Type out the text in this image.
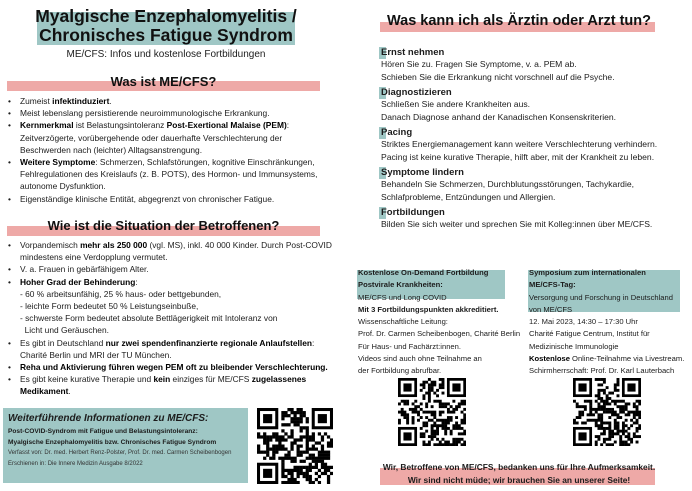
Myalgische Enzephalomyelitis /
Chronisches Fatigue Syndrom
ME/CFS: Infos und kostenlose Fortbildungen
Was ist ME/CFS?
• Zumeist infektinduziert.
• Meist lebenslang persistierende neuroimmunologische Erkrankung.
• Kernmerkmal ist Belastungsintoleranz Post-Exertional Malaise (PEM): Zeitverzögerte, vorübergehende oder dauerhafte Verschlechterung der Beschwerden nach (leichter) Alltagsanstrengung.
• Weitere Symptome: Schmerzen, Schlafstörungen, kognitive Einschränkungen, Fehlregulationen des Kreislaufs (z. B. POTS), des Hormon- und Immunsystems, autonome Dysfunktion.
• Eigenständige klinische Entität, abgegrenzt von chronischer Fatigue.
Wie ist die Situation der Betroffenen?
• Vorpandemisch mehr als 250 000 (vgl. MS), inkl. 40 000 Kinder. Durch Post-COVID mindestens eine Verdopplung vermutet.
• V. a. Frauen in gebärfähigem Alter.
• Hoher Grad der Behinderung:
- 60 % arbeitsunfähig, 25 % haus- oder bettgebunden,
- leichte Form bedeutet 50 % Leistungseinbuße,
- schwerste Form bedeutet absolute Bettlägerigkeit mit Intoleranz von
Licht und Geräuschen.
• Es gibt in Deutschland nur zwei spendenfinanzierte regionale Anlaufstellen: Charité Berlin und MRI der TU München.
• Reha und Aktivierung führen wegen PEM oft zu bleibender Verschlechterung.
• Es gibt keine kurative Therapie und kein einziges für ME/CFS zugelassenes Medikament.
Weiterführende Informationen zu ME/CFS:
Post-COVID-Syndrom mit Fatigue und Belastungsintoleranz:
Myalgische Enzephalomyelitis bzw. Chronisches Fatigue Syndrom
Verfasst von: Dr. med. Herbert Renz-Polster, Prof. Dr. med. Carmen Scheibenbogen
Erschienen in: Die Innere Medizin Ausgabe 8/2022
Was kann ich als Ärztin oder Arzt tun?
Ernst nehmen
Hören Sie zu. Fragen Sie Symptome, v. a. PEM ab.
Schieben Sie die Erkrankung nicht vorschnell auf die Psyche.
Diagnostizieren
Schließen Sie andere Krankheiten aus.
Danach Diagnose anhand der Kanadischen Konsenskriterien.
Pacing
Striktes Energiemanagement kann weitere Verschlechterung verhindern.
Pacing ist keine kurative Therapie, hilft aber, mit der Krankheit zu leben.
Symptome lindern
Behandeln Sie Schmerzen, Durchblutungsstörungen, Tachykardie,
Schlafprobleme, Entzündungen und Allergien.
Fortbildungen
Bilden Sie sich weiter und sprechen Sie mit Kolleg:innen über ME/CFS.
Kostenlose On-Demand Fortbildung
Postvirale Krankheiten:
ME/CFS und Long COVID
Mit 3 Fortbildungspunkten akkreditiert.
Wissenschaftliche Leitung:
Prof. Dr. Carmen Scheibenbogen, Charité Berlin
Für Haus- und Fachärzt:innen.
Videos sind auch ohne Teilnahme an
der Fortbildung abrufbar.
Symposium zum internationalen
ME/CFS-Tag:
Versorgung und Forschung in Deutschland von ME/CFS
12. Mai 2023, 14:30 – 17:30 Uhr
Charité Fatigue Centrum, Institut für Medizinische Immunologie
Kostenlose Online-Teilnahme via Livestream.
Schirmherrschaft: Prof. Dr. Karl Lauterbach
Wir, Betroffene von ME/CFS, bedanken uns für Ihre Aufmerksamkeit.
Wir sind nicht müde; wir brauchen Sie an unserer Seite!
